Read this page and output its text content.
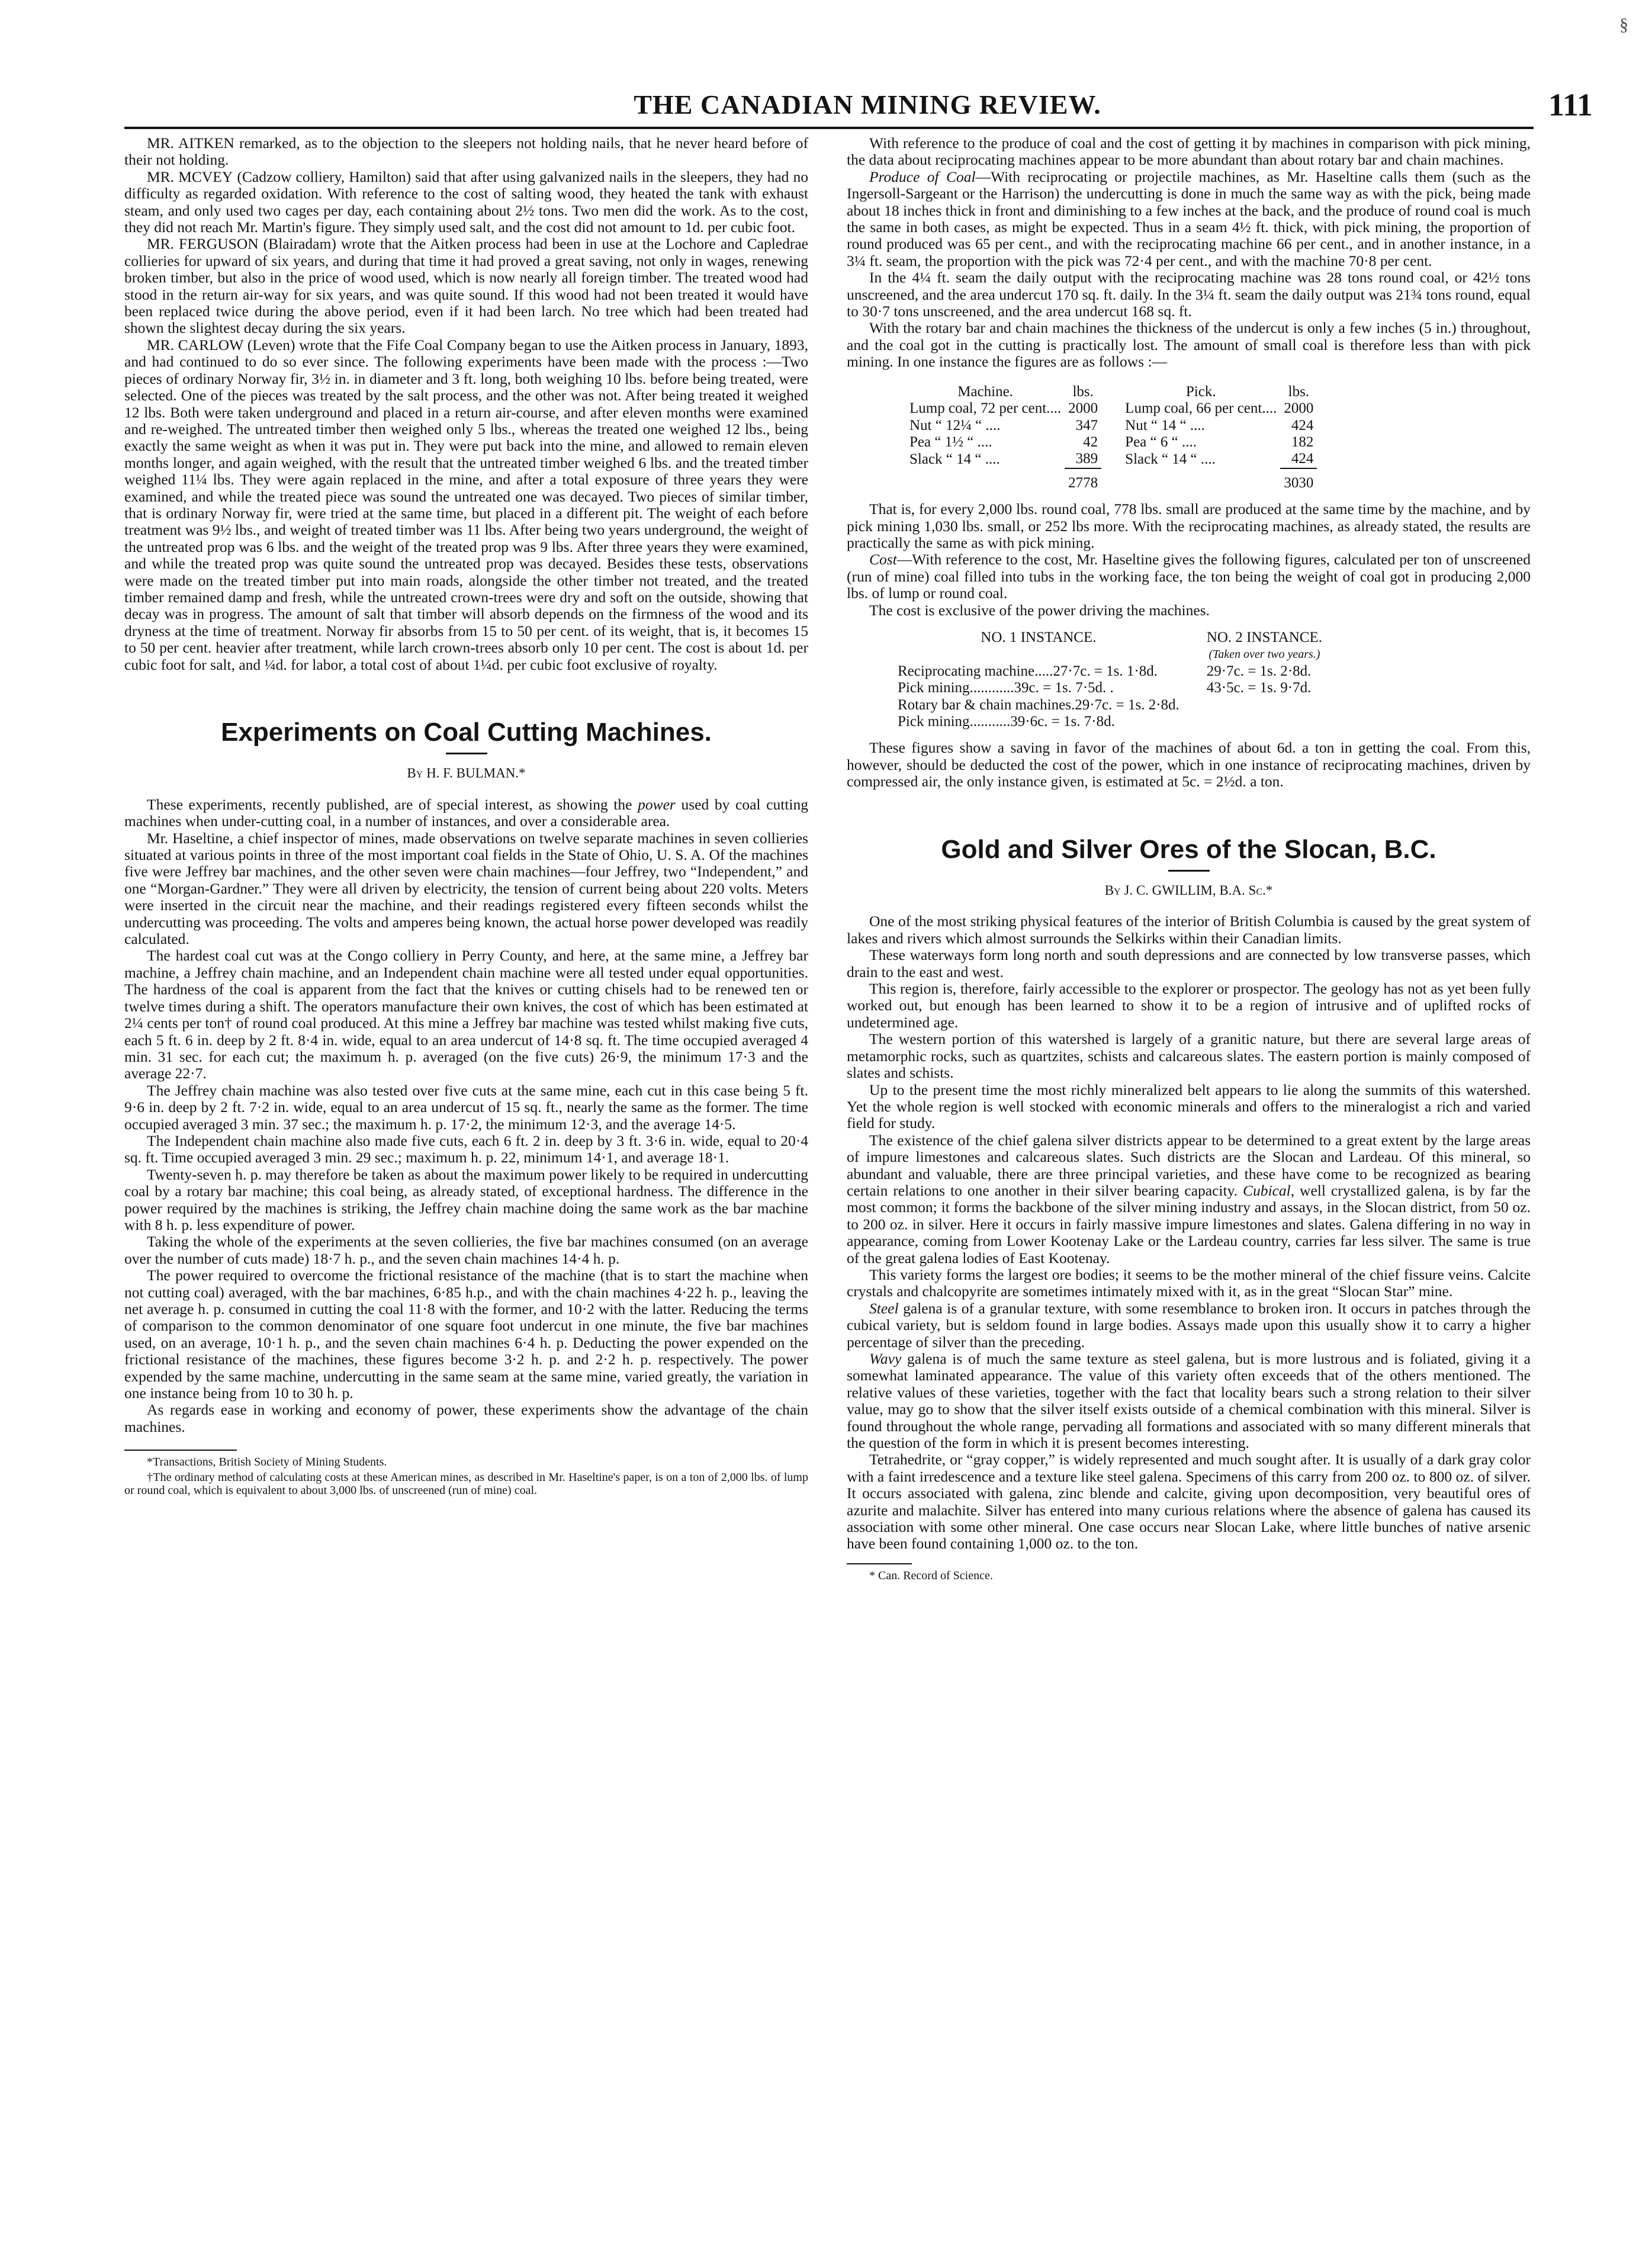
§
THE CANADIAN MINING REVIEW.	111

MR. AITKEN remarked, as to the objection to the sleepers not holding nails, that he never heard before of their not holding.

MR. MCVEY (Cadzow colliery, Hamilton) said that after using galvanized nails in the sleepers, they had no difficulty as regarded oxidation. With reference to the cost of salting wood, they heated the tank with exhaust steam, and only used two cages per day, each containing about 2½ tons. Two men did the work. As to the cost, they did not reach Mr. Martin's figure. They simply used salt, and the cost did not amount to 1d. per cubic foot.

MR. FERGUSON (Blairadam) wrote that the Aitken process had been in use at the Lochore and Capledrae collieries for upward of six years, and during that time it had proved a great saving, not only in wages, renewing broken timber, but also in the price of wood used, which is now nearly all foreign timber. The treated wood had stood in the return air-way for six years, and was quite sound. If this wood had not been treated it would have been replaced twice during the above period, even if it had been larch. No tree which had been treated had shown the slightest decay during the six years.

MR. CARLOW (Leven) wrote that the Fife Coal Company began to use the Aitken process in January, 1893, and had continued to do so ever since. The following experiments have been made with the process :—Two pieces of ordinary Norway fir, 3½ in. in diameter and 3 ft. long, both weighing 10 lbs. before being treated, were selected. One of the pieces was treated by the salt process, and the other was not. After being treated it weighed 12 lbs. Both were taken underground and placed in a return air-course, and after eleven months were examined and re-weighed. The untreated timber then weighed only 5 lbs., whereas the treated one weighed 12 lbs., being exactly the same weight as when it was put in. They were put back into the mine, and allowed to remain eleven months longer, and again weighed, with the result that the untreated timber weighed 6 lbs. and the treated timber weighed 11¼ lbs. They were again replaced in the mine, and after a total exposure of three years they were examined, and while the treated piece was sound the untreated one was decayed. Two pieces of similar timber, that is ordinary Norway fir, were tried at the same time, but placed in a different pit. The weight of each before treatment was 9½ lbs., and weight of treated timber was 11 lbs. After being two years underground, the weight of the untreated prop was 6 lbs. and the weight of the treated prop was 9 lbs. After three years they were examined, and while the treated prop was quite sound the untreated prop was decayed. Besides these tests, observations were made on the treated timber put into main roads, alongside the other timber not treated, and the treated timber remained damp and fresh, while the untreated crown-trees were dry and soft on the outside, showing that decay was in progress. The amount of salt that timber will absorb depends on the firmness of the wood and its dryness at the time of treatment. Norway fir absorbs from 15 to 50 per cent. of its weight, that is, it becomes 15 to 50 per cent. heavier after treatment, while larch crown-trees absorb only 10 per cent. The cost is about 1d. per cubic foot for salt, and ¼d. for labor, a total cost of about 1¼d. per cubic foot exclusive of royalty.

Experiments on Coal Cutting Machines.
By H. F. BULMAN.*

These experiments, recently published, are of special interest, as showing the power used by coal cutting machines when under-cutting coal, in a number of instances, and over a considerable area.

Mr. Haseltine, a chief inspector of mines, made observations on twelve separate machines in seven collieries situated at various points in three of the most important coal fields in the State of Ohio, U. S. A. Of the machines five were Jeffrey bar machines, and the other seven were chain machines—four Jeffrey, two “Independent,” and one “Morgan-Gardner.” They were all driven by electricity, the tension of current being about 220 volts. Meters were inserted in the circuit near the machine, and their readings registered every fifteen seconds whilst the undercutting was proceeding. The volts and amperes being known, the actual horse power developed was readily calculated.

The hardest coal cut was at the Congo colliery in Perry County, and here, at the same mine, a Jeffrey bar machine, a Jeffrey chain machine, and an Independent chain machine were all tested under equal opportunities. The hardness of the coal is apparent from the fact that the knives or cutting chisels had to be renewed ten or twelve times during a shift. The operators manufacture their own knives, the cost of which has been estimated at 2¼ cents per ton† of round coal produced. At this mine a Jeffrey bar machine was tested whilst making five cuts, each 5 ft. 6 in. deep by 2 ft. 8·4 in. wide, equal to an area undercut of 14·8 sq. ft. The time occupied averaged 4 min. 31 sec. for each cut; the maximum h. p. averaged (on the five cuts) 26·9, the minimum 17·3 and the average 22·7.

The Jeffrey chain machine was also tested over five cuts at the same mine, each cut in this case being 5 ft. 9·6 in. deep by 2 ft. 7·2 in. wide, equal to an area undercut of 15 sq. ft., nearly the same as the former. The time occupied averaged 3 min. 37 sec.; the maximum h. p. 17·2, the minimum 12·3, and the average 14·5.

The Independent chain machine also made five cuts, each 6 ft. 2 in. deep by 3 ft. 3·6 in. wide, equal to 20·4 sq. ft. Time occupied averaged 3 min. 29 sec.; maximum h. p. 22, minimum 14·1, and average 18·1.

Twenty-seven h. p. may therefore be taken as about the maximum power likely to be required in undercutting coal by a rotary bar machine; this coal being, as already stated, of exceptional hardness. The difference in the power required by the machines is striking, the Jeffrey chain machine doing the same work as the bar machine with 8 h. p. less expenditure of power.

Taking the whole of the experiments at the seven collieries, the five bar machines consumed (on an average over the number of cuts made) 18·7 h. p., and the seven chain machines 14·4 h. p.

The power required to overcome the frictional resistance of the machine (that is to start the machine when not cutting coal) averaged, with the bar machines, 6·85 h.p., and with the chain machines 4·22 h. p., leaving the net average h. p. consumed in cutting the coal 11·8 with the former, and 10·2 with the latter. Reducing the terms of comparison to the common denominator of one square foot undercut in one minute, the five bar machines used, on an average, 10·1 h. p., and the seven chain machines 6·4 h. p. Deducting the power expended on the frictional resistance of the machines, these figures become 3·2 h. p. and 2·2 h. p. respectively. The power expended by the same machine, undercutting in the same seam at the same mine, varied greatly, the variation in one instance being from 10 to 30 h. p.

As regards ease in working and economy of power, these experiments show the advantage of the chain machines.

*Transactions, British Society of Mining Students.
†The ordinary method of calculating costs at these American mines, as described in Mr. Haseltine's paper, is on a ton of 2,000 lbs. of lump or round coal, which is equivalent to about 3,000 lbs. of unscreened (run of mine) coal.

With reference to the produce of coal and the cost of getting it by machines in comparison with pick mining, the data about reciprocating machines appear to be more abundant than about rotary bar and chain machines.

Produce of Coal—With reciprocating or projectile machines, as Mr. Haseltine calls them (such as the Ingersoll-Sargeant or the Harrison) the undercutting is done in much the same way as with the pick, being made about 18 inches thick in front and diminishing to a few inches at the back, and the produce of round coal is much the same in both cases, as might be expected. Thus in a seam 4½ ft. thick, with pick mining, the proportion of round produced was 65 per cent., and with the reciprocating machine 66 per cent., and in another instance, in a 3¼ ft. seam, the proportion with the pick was 72·4 per cent., and with the machine 70·8 per cent.

In the 4¼ ft. seam the daily output with the reciprocating machine was 28 tons round coal, or 42½ tons unscreened, and the area undercut 170 sq. ft. daily. In the 3¼ ft. seam the daily output was 21¾ tons round, equal to 30·7 tons unscreened, and the area undercut 168 sq. ft.

With the rotary bar and chain machines the thickness of the undercut is only a few inches (5 in.) throughout, and the coal got in the cutting is practically lost. The amount of small coal is therefore less than with pick mining. In one instance the figures are as follows :—

Machine.	lbs.	Pick.	lbs.
Lump coal, 72 per cent....	2000	Lump coal, 66 per cent....	2000
Nut “ 12¼ “ ....	347	Nut “ 14 “ ....	424
Pea “ 1½ “ ....	42	Pea “ 6 “ ....	182
Slack “ 14 “ ....	389	Slack “ 14 “ ....	424
	2778		3030

That is, for every 2,000 lbs. round coal, 778 lbs. small are produced at the same time by the machine, and by pick mining 1,030 lbs. small, or 252 lbs more. With the reciprocating machines, as already stated, the results are practically the same as with pick mining.

Cost—With reference to the cost, Mr. Haseltine gives the following figures, calculated per ton of unscreened (run of mine) coal filled into tubs in the working face, the ton being the weight of coal got in producing 2,000 lbs. of lump or round coal.

The cost is exclusive of the power driving the machines.

NO. 1 INSTANCE.	NO. 2 INSTANCE.
	(Taken over two years.)
Reciprocating machine.....27·7c. = 1s. 1·8d.	29·7c. = 1s. 2·8d.
Pick mining............39c. = 1s. 7·5d. .	43·5c. = 1s. 9·7d.
Rotary bar & chain machines.29·7c. = 1s. 2·8d.	
Pick mining...........39·6c. = 1s. 7·8d.	

These figures show a saving in favor of the machines of about 6d. a ton in getting the coal. From this, however, should be deducted the cost of the power, which in one instance of reciprocating machines, driven by compressed air, the only instance given, is estimated at 5c. = 2½d. a ton.

Gold and Silver Ores of the Slocan, B.C.
By J. C. GWILLIM, B.A. Sc.*

One of the most striking physical features of the interior of British Columbia is caused by the great system of lakes and rivers which almost surrounds the Selkirks within their Canadian limits.

These waterways form long north and south depressions and are connected by low transverse passes, which drain to the east and west.

This region is, therefore, fairly accessible to the explorer or prospector. The geology has not as yet been fully worked out, but enough has been learned to show it to be a region of intrusive and of uplifted rocks of undetermined age.

The western portion of this watershed is largely of a granitic nature, but there are several large areas of metamorphic rocks, such as quartzites, schists and calcareous slates. The eastern portion is mainly composed of slates and schists.

Up to the present time the most richly mineralized belt appears to lie along the summits of this watershed. Yet the whole region is well stocked with economic minerals and offers to the mineralogist a rich and varied field for study.

The existence of the chief galena silver districts appear to be determined to a great extent by the large areas of impure limestones and calcareous slates. Such districts are the Slocan and Lardeau. Of this mineral, so abundant and valuable, there are three principal varieties, and these have come to be recognized as bearing certain relations to one another in their silver bearing capacity. Cubical, well crystallized galena, is by far the most common; it forms the backbone of the silver mining industry and assays, in the Slocan district, from 50 oz. to 200 oz. in silver. Here it occurs in fairly massive impure limestones and slates. Galena differing in no way in appearance, coming from Lower Kootenay Lake or the Lardeau country, carries far less silver. The same is true of the great galena lodies of East Kootenay.

This variety forms the largest ore bodies; it seems to be the mother mineral of the chief fissure veins. Calcite crystals and chalcopyrite are sometimes intimately mixed with it, as in the great “Slocan Star” mine.

Steel galena is of a granular texture, with some resemblance to broken iron. It occurs in patches through the cubical variety, but is seldom found in large bodies. Assays made upon this usually show it to carry a higher percentage of silver than the preceding.

Wavy galena is of much the same texture as steel galena, but is more lustrous and is foliated, giving it a somewhat laminated appearance. The value of this variety often exceeds that of the others mentioned. The relative values of these varieties, together with the fact that locality bears such a strong relation to their silver value, may go to show that the silver itself exists outside of a chemical combination with this mineral. Silver is found throughout the whole range, pervading all formations and associated with so many different minerals that the question of the form in which it is present becomes interesting.

Tetrahedrite, or “gray copper,” is widely represented and much sought after. It is usually of a dark gray color with a faint irredescence and a texture like steel galena. Specimens of this carry from 200 oz. to 800 oz. of silver. It occurs associated with galena, zinc blende and calcite, giving upon decomposition, very beautiful ores of azurite and malachite. Silver has entered into many curious relations where the absence of galena has caused its association with some other mineral. One case occurs near Slocan Lake, where little bunches of native arsenic have been found containing 1,000 oz. to the ton.

* Can. Record of Science.
